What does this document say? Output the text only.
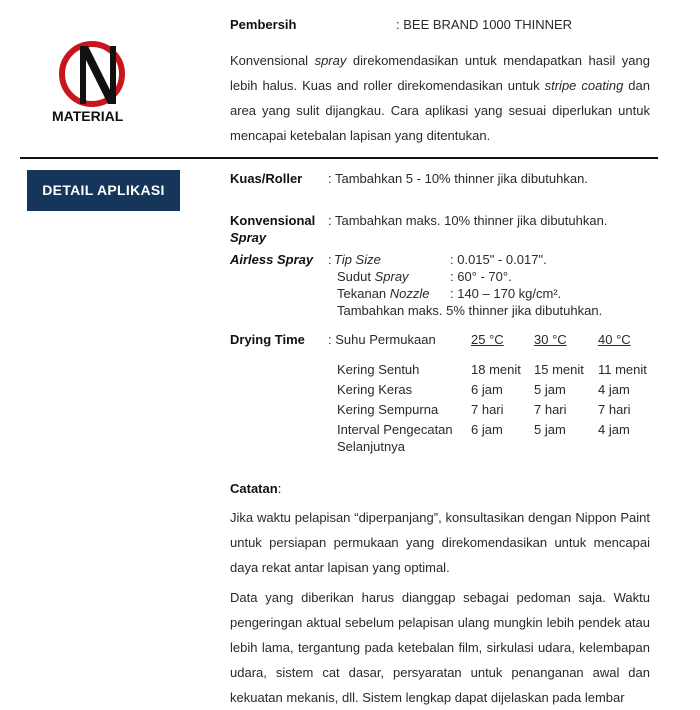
MATERIAL
Pembersih	: BEE BRAND 1000 THINNER
Konvensional spray direkomendasikan untuk mendapatkan hasil yang lebih halus. Kuas and roller direkomendasikan untuk stripe coating dan area yang sulit dijangkau. Cara aplikasi yang sesuai diperlukan untuk mencapai ketebalan lapisan yang ditentukan.
DETAIL APLIKASI
Kuas/Roller : Tambahkan 5 - 10% thinner jika dibutuhkan.
Konvensional
Spray
: Tambahkan maks. 10% thinner jika dibutuhkan.
Airless Spray : Tip Size	: 0.015" - 0.017".
Sudut Spray	: 60° - 70°.
Tekanan Nozzle : 140 – 170 kg/cm².
Tambahkan maks. 5% thinner jika dibutuhkan.
Drying Time : Suhu Permukaan	25 °C 30 °C 40 °C
Kering Sentuh	18 menit 15 menit 11 menit
Kering Keras	6 jam 5 jam 4 jam
Kering Sempurna	7 hari 7 hari 7 hari
Interval Pengecatan 6 jam 5 jam 4 jam
Selanjutnya
Catatan:
Jika waktu pelapisan “diperpanjang”, konsultasikan dengan Nippon Paint untuk persiapan permukaan yang direkomendasikan untuk mencapai daya rekat antar lapisan yang optimal.
Data yang diberikan harus dianggap sebagai pedoman saja. Waktu pengeringan aktual sebelum pelapisan ulang mungkin lebih pendek atau lebih lama, tergantung pada ketebalan film, sirkulasi udara, kelembapan udara, sistem cat dasar, persyaratan untuk penanganan awal dan kekuatan mekanis, dll. Sistem lengkap dapat dijelaskan pada lembar
